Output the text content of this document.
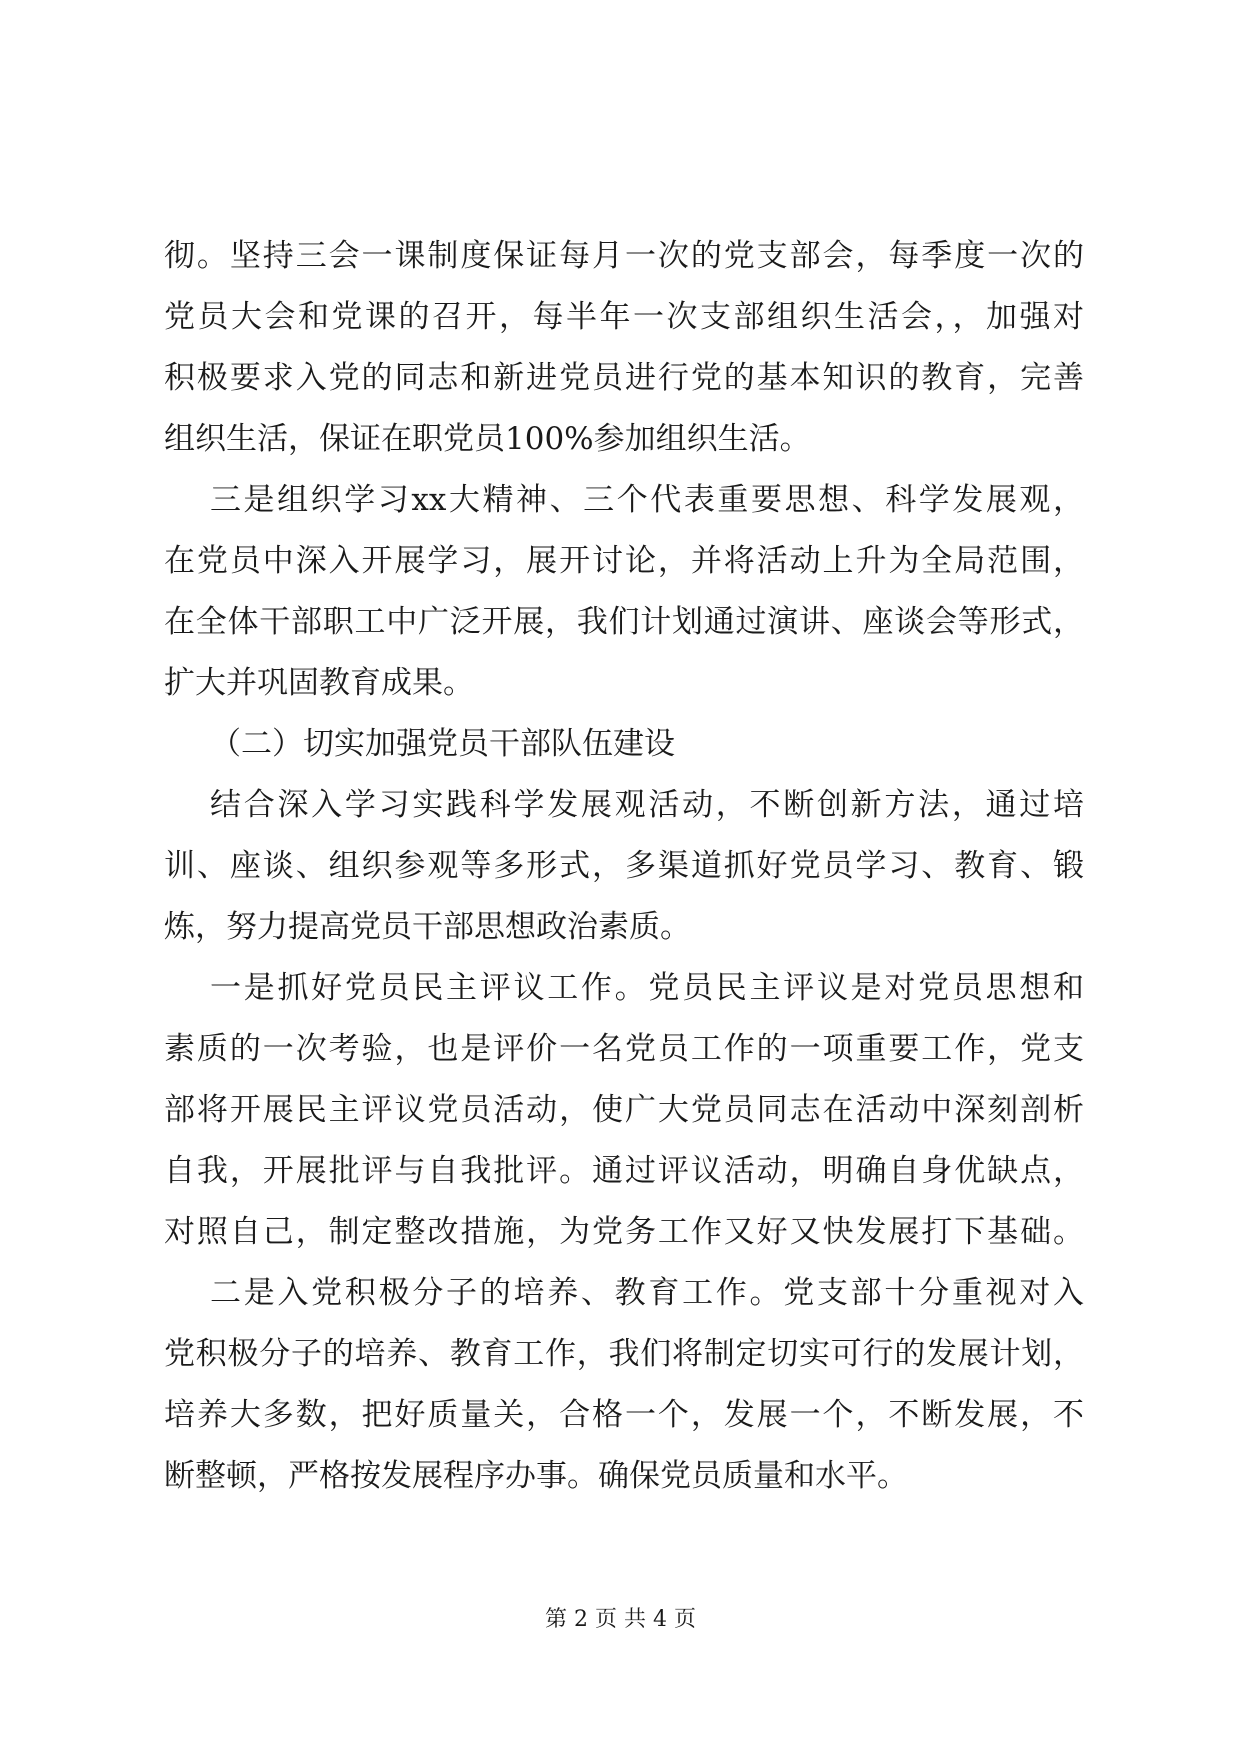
彻。坚持三会一课制度保证每月一次的党支部会，每季度一次的
党员大会和党课的召开，每半年一次支部组织生活会，，加强对
积极要求入党的同志和新进党员进行党的基本知识的教育，完善
组织生活，保证在职党员100%参加组织生活。
三是组织学习xx大精神、三个代表重要思想、科学发展观，
在党员中深入开展学习，展开讨论，并将活动上升为全局范围，
在全体干部职工中广泛开展，我们计划通过演讲、座谈会等形式，
扩大并巩固教育成果。
（二）切实加强党员干部队伍建设
结合深入学习实践科学发展观活动，不断创新方法，通过培
训、座谈、组织参观等多形式，多渠道抓好党员学习、教育、锻
炼，努力提高党员干部思想政治素质。
一是抓好党员民主评议工作。党员民主评议是对党员思想和
素质的一次考验，也是评价一名党员工作的一项重要工作，党支
部将开展民主评议党员活动，使广大党员同志在活动中深刻剖析
自我，开展批评与自我批评。通过评议活动，明确自身优缺点，
对照自己，制定整改措施，为党务工作又好又快发展打下基础。
二是入党积极分子的培养、教育工作。党支部十分重视对入
党积极分子的培养、教育工作，我们将制定切实可行的发展计划，
培养大多数，把好质量关，合格一个，发展一个，不断发展，不
断整顿，严格按发展程序办事。确保党员质量和水平。
第 2 页 共 4 页
